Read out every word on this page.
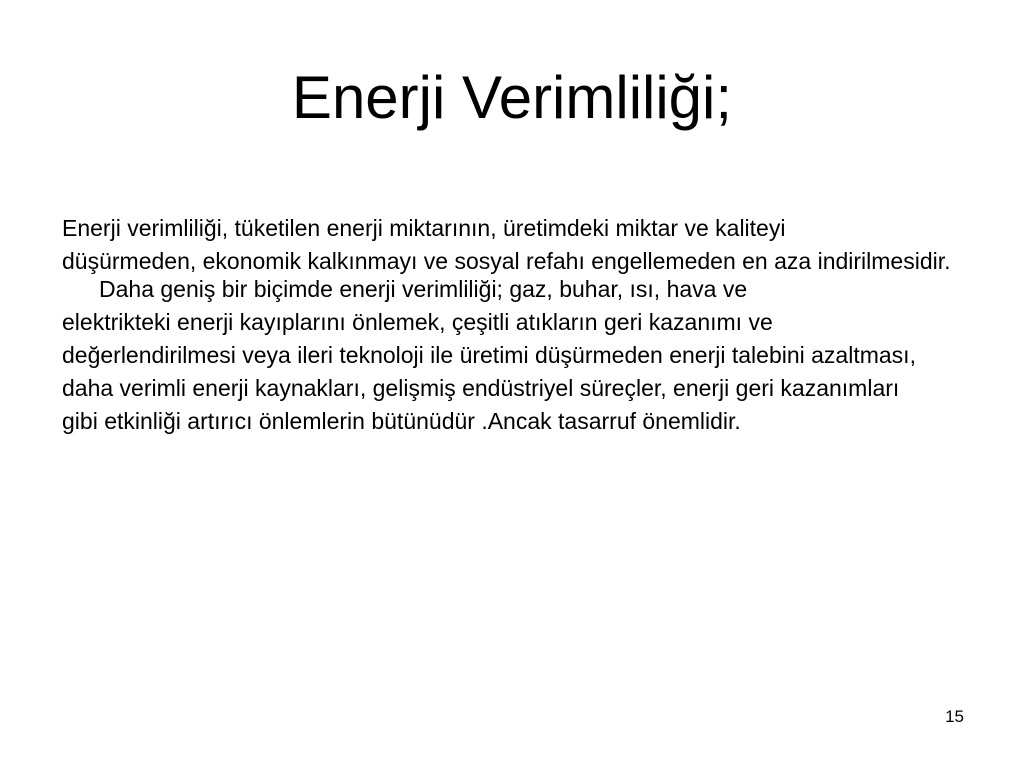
Enerji Verimliliği;

Enerji verimliliği, tüketilen enerji miktarının, üretimdeki miktar ve kaliteyi

düşürmeden, ekonomik kalkınmayı ve sosyal refahı engellemeden en aza indirilmesidir. Daha geniş bir biçimde enerji verimliliği; gaz, buhar, ısı, hava ve

elektrikteki enerji kayıplarını önlemek, çeşitli atıkların geri kazanımı ve

değerlendirilmesi veya ileri teknoloji ile üretimi düşürmeden enerji talebini azaltması,

daha verimli enerji kaynakları, gelişmiş endüstriyel süreçler, enerji geri kazanımları

gibi etkinliği artırıcı önlemlerin bütünüdür .Ancak tasarruf önemlidir.

15
